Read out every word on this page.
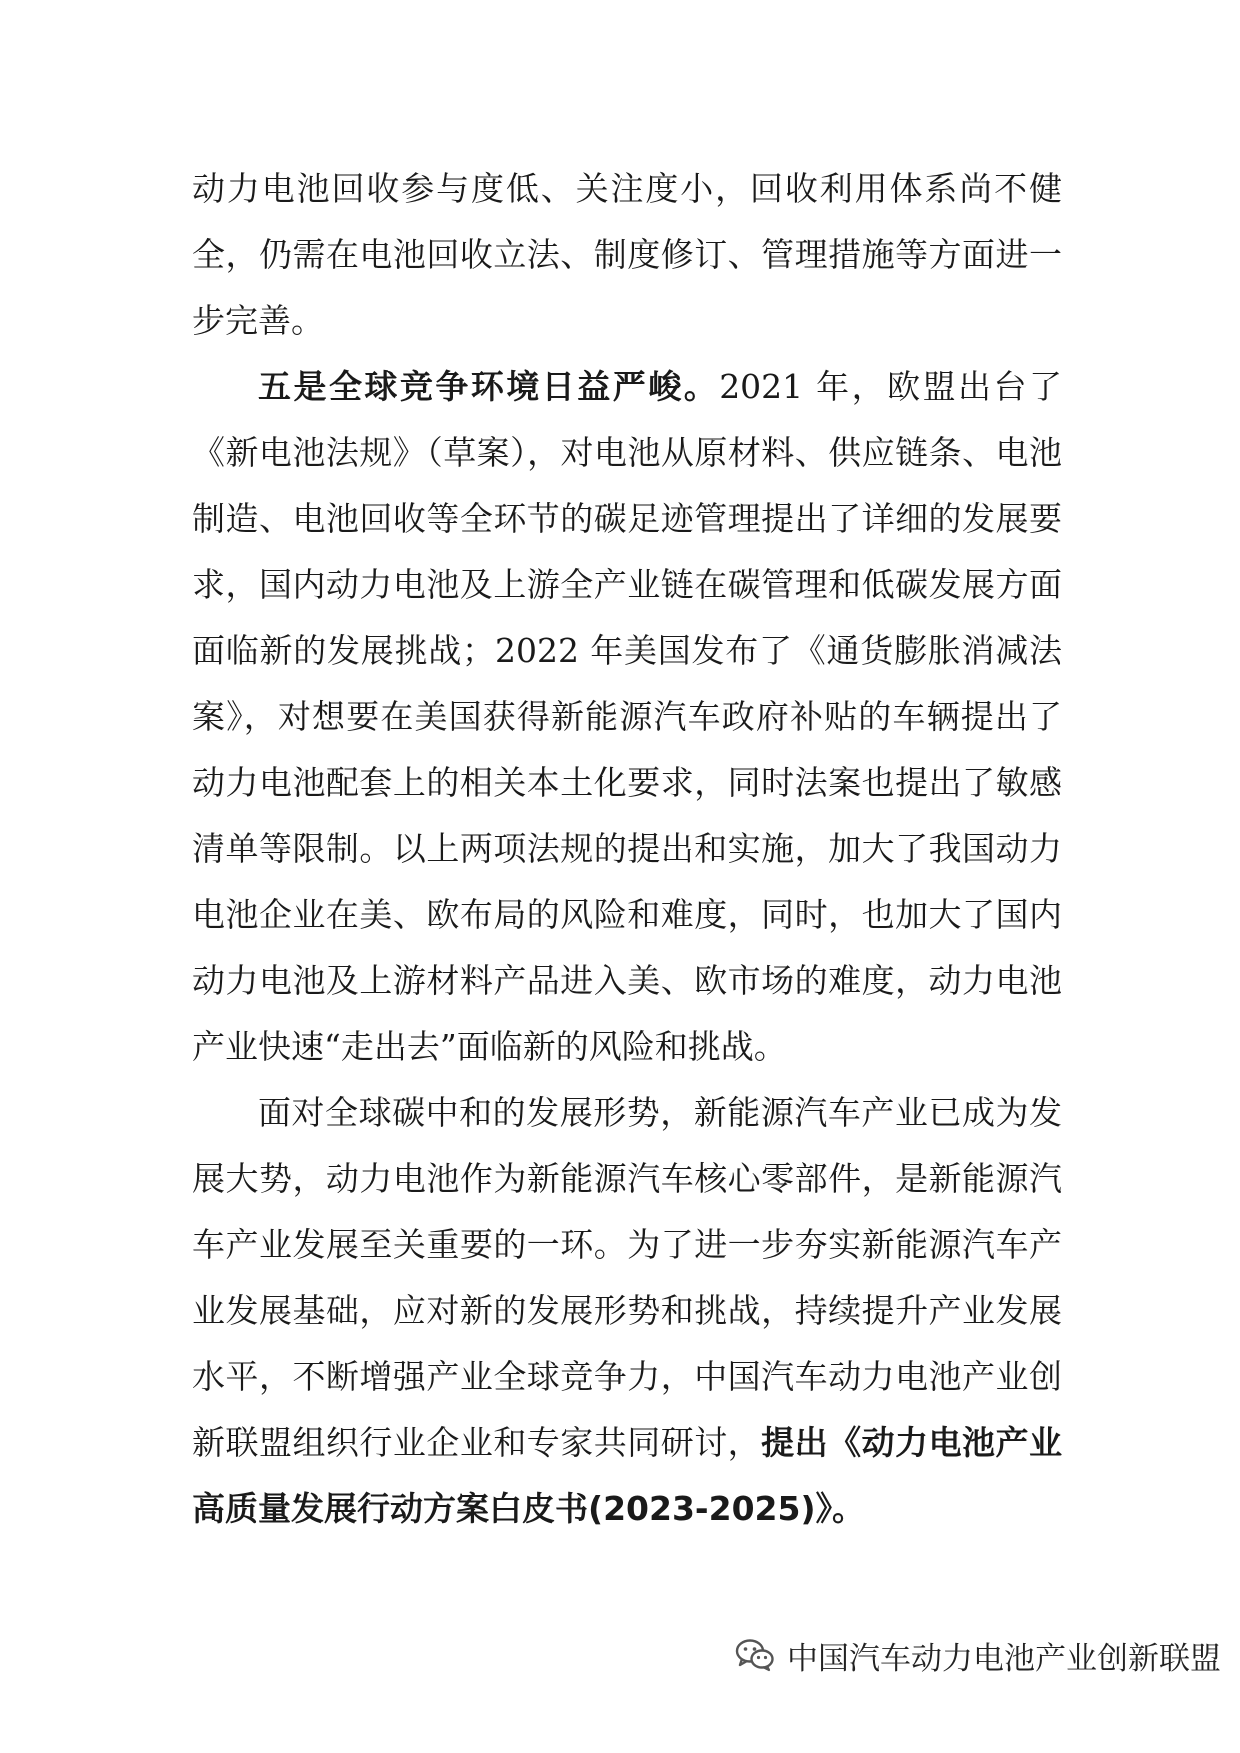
动力电池回收参与度低、关注度小，回收利用体系尚不健全，仍需在电池回收立法、制度修订、管理措施等方面进一步完善。

五是全球竞争环境日益严峻。2021 年，欧盟出台了《新电池法规》（草案），对电池从原材料、供应链条、电池制造、电池回收等全环节的碳足迹管理提出了详细的发展要求，国内动力电池及上游全产业链在碳管理和低碳发展方面面临新的发展挑战；2022 年美国发布了《通货膨胀消减法案》，对想要在美国获得新能源汽车政府补贴的车辆提出了动力电池配套上的相关本土化要求，同时法案也提出了敏感清单等限制。以上两项法规的提出和实施，加大了我国动力电池企业在美、欧布局的风险和难度，同时，也加大了国内动力电池及上游材料产品进入美、欧市场的难度，动力电池产业快速“走出去”面临新的风险和挑战。

面对全球碳中和的发展形势，新能源汽车产业已成为发展大势，动力电池作为新能源汽车核心零部件，是新能源汽车产业发展至关重要的一环。为了进一步夯实新能源汽车产业发展基础，应对新的发展形势和挑战，持续提升产业发展水平，不断增强产业全球竞争力，中国汽车动力电池产业创新联盟组织行业企业和专家共同研讨，提出《动力电池产业高质量发展行动方案白皮书(2023-2025)》。

中国汽车动力电池产业创新联盟
